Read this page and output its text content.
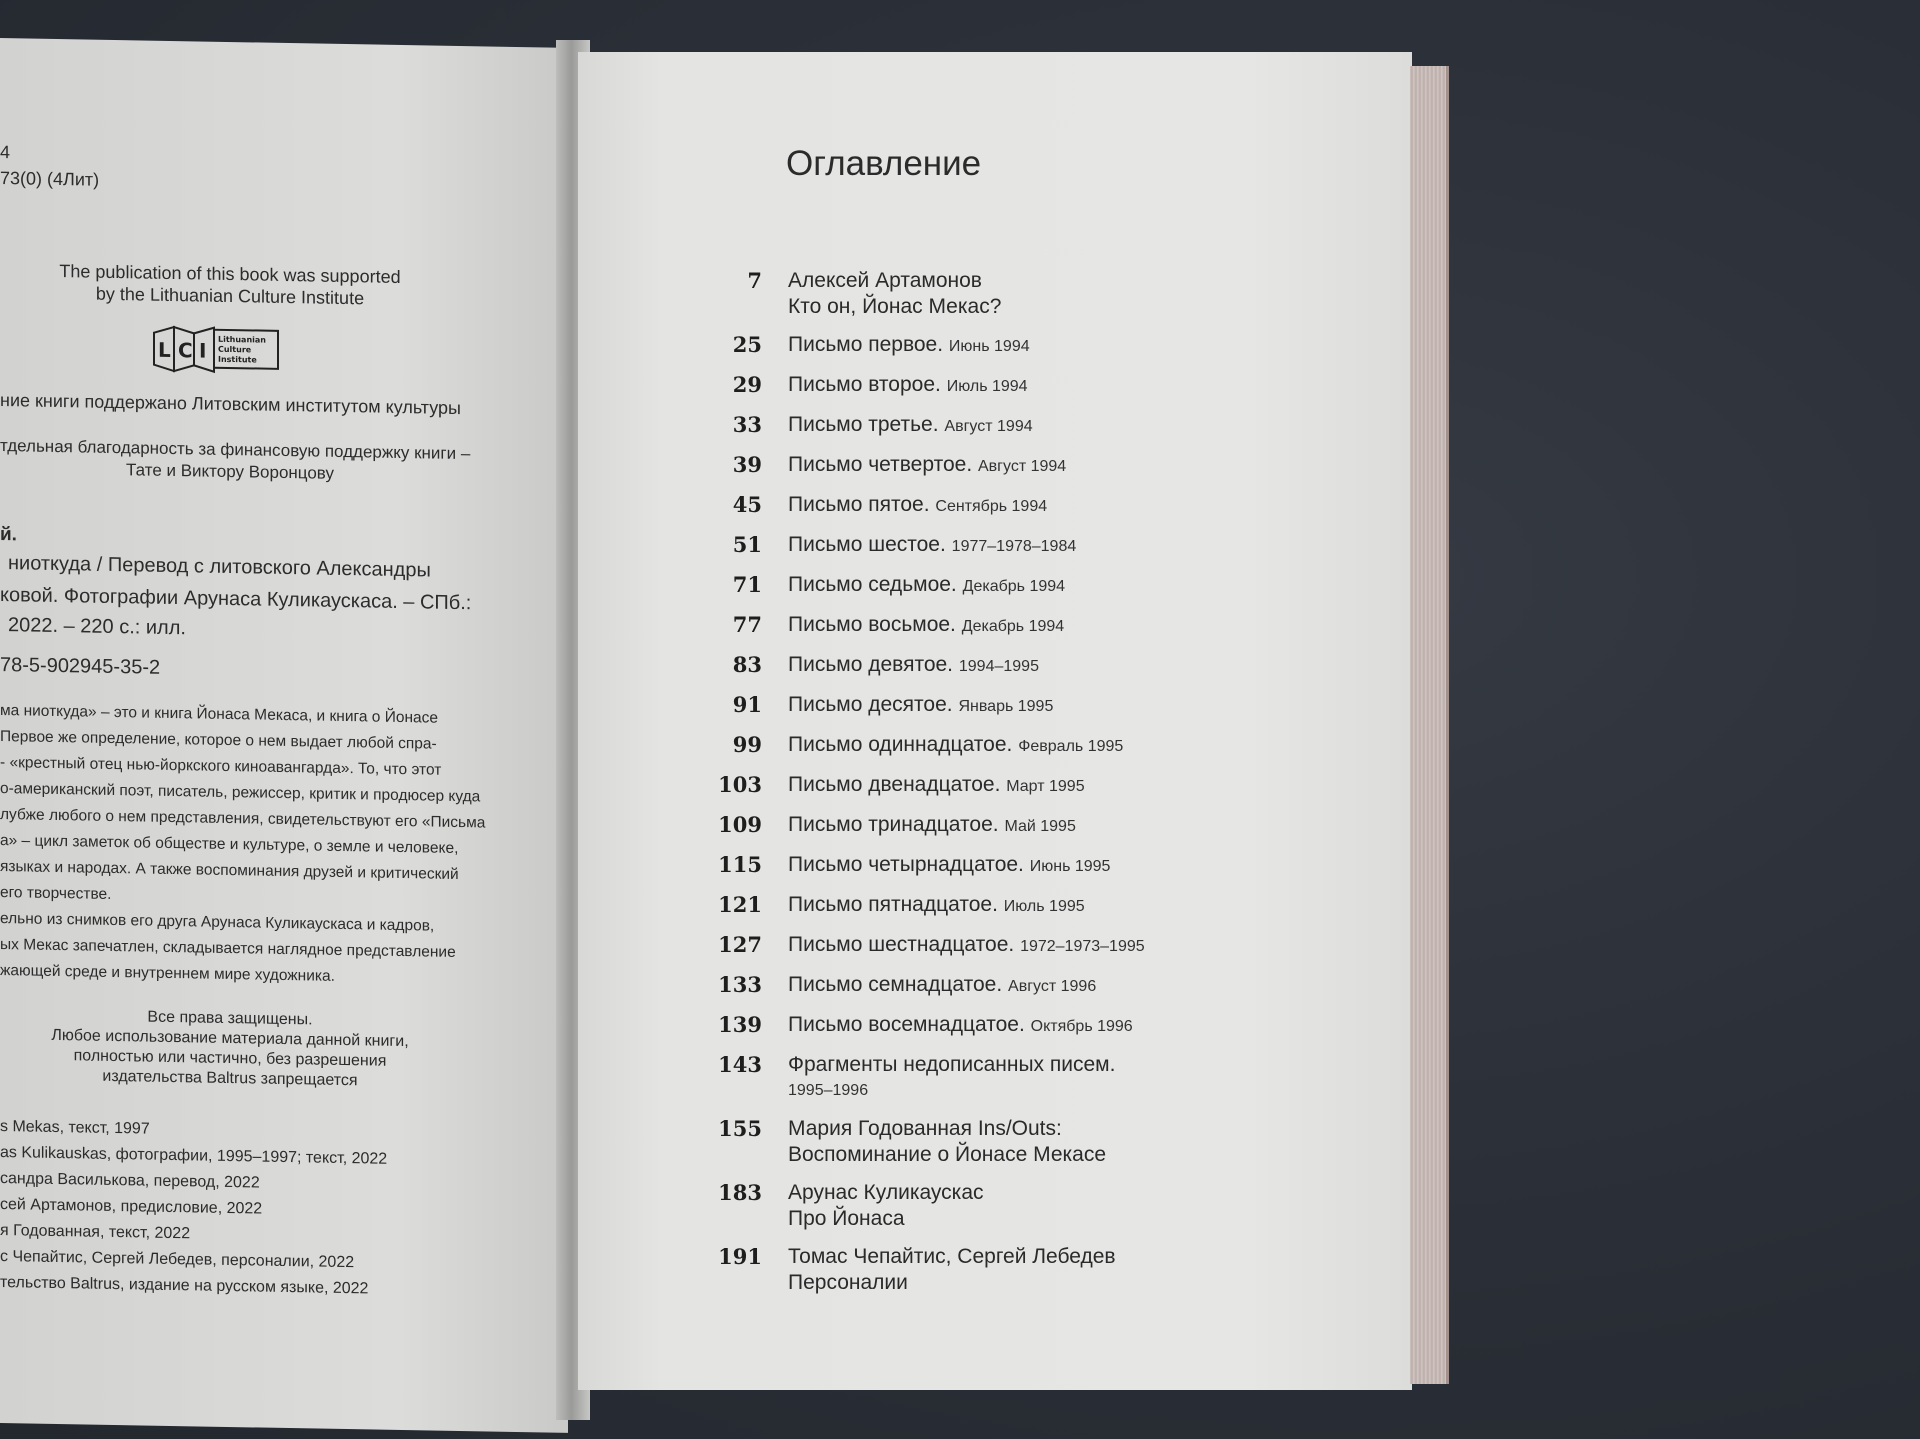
4
73(0) (4Лит)
The publication of this book was supported
by the Lithuanian Culture Institute
L C I Lithuanian
Culture
Institute
ние книги поддержано Литовским институтом культуры
тдельная благодарность за финансовую поддержку книги –
Тате и Виктору Воронцову
й.
ниоткуда / Перевод с литовского Александры
ковой. Фотографии Арунаса Куликаускаса. – СПб.:
2022. – 220 с.: илл.
78-5-902945-35-2
ма ниоткуда» – это и книга Йонаса Мекаса, и книга о Йонасе
Первое же определение, которое о нем выдает любой спра-
- «крестный отец нью-йоркского киноавангарда». То, что этот
о-американский поэт, писатель, режиссер, критик и продюсер куда
лубже любого о нем представления, свидетельствуют его «Письма
а» – цикл заметок об обществе и культуре, о земле и человеке,
языках и народах. А также воспоминания друзей и критический
его творчестве.
ельно из снимков его друга Арунаса Куликаускаса и кадров,
ых Мекас запечатлен, складывается наглядное представление
жающей среде и внутреннем мире художника.
Все права защищены.
Любое использование материала данной книги,
полностью или частично, без разрешения
издательства Baltrus запрещается
s Mekas, текст, 1997
as Kulikauskas, фотографии, 1995–1997; текст, 2022
сандра Василькова, перевод, 2022
сей Артамонов, предисловие, 2022
я Годованная, текст, 2022
с Чепайтис, Сергей Лебедев, персоналии, 2022
тельство Baltrus, издание на русском языке, 2022
Оглавление
7	Алексей Артамонов
Кто он, Йонас Мекас?
25	Письмо первое. Июнь 1994
29	Письмо второе. Июль 1994
33	Письмо третье. Август 1994
39	Письмо четвертое. Август 1994
45	Письмо пятое. Сентябрь 1994
51	Письмо шестое. 1977–1978–1984
71	Письмо седьмое. Декабрь 1994
77	Письмо восьмое. Декабрь 1994
83	Письмо девятое. 1994–1995
91	Письмо десятое. Январь 1995
99	Письмо одиннадцатое. Февраль 1995
103	Письмо двенадцатое. Март 1995
109	Письмо тринадцатое. Май 1995
115	Письмо четырнадцатое. Июнь 1995
121	Письмо пятнадцатое. Июль 1995
127	Письмо шестнадцатое. 1972–1973–1995
133	Письмо семнадцатое. Август 1996
139	Письмо восемнадцатое. Октябрь 1996
143	Фрагменты недописанных писем.
1995–1996
155	Мария Годованная Ins/Outs:
Воспоминание о Йонасе Мекасе
183	Арунас Куликаускас
Про Йонаса
191	Томас Чепайтис, Сергей Лебедев
Персоналии
